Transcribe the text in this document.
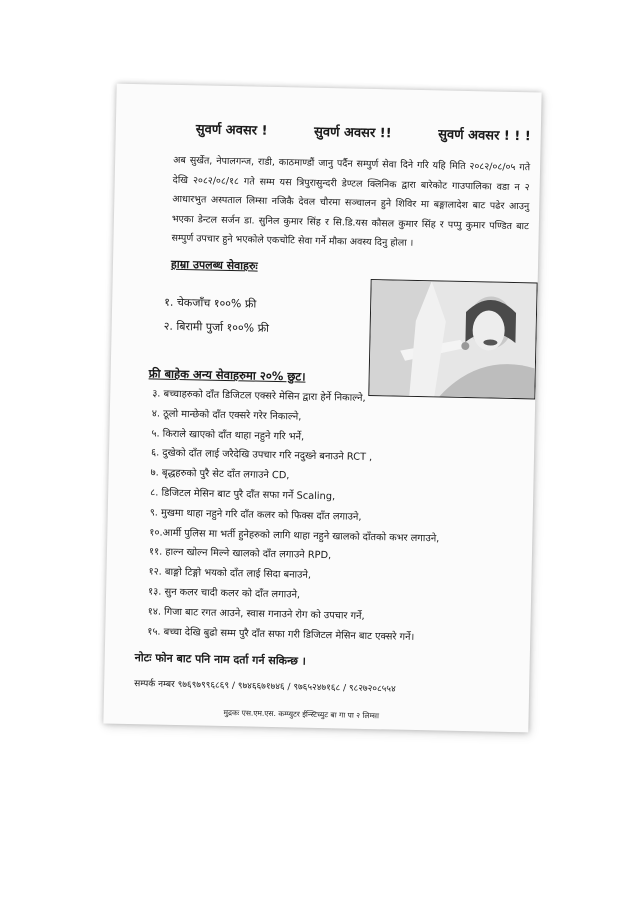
सुवर्ण अवसर !	सुवर्ण अवसर !!	सुवर्ण अवसर ! ! !
अब सुर्खेत, नेपालगन्ज, राडी, काठमाण्डौं जानु पर्दैन सम्पुर्ण सेवा दिने गरि यहि मिति २०८२/०८/०५ गते देखि २०८२/०८/१८ गते सम्म यस त्रिपुरासुन्दरी डेण्टल क्लिनिक द्वारा बारेकोट गाउपालिका वडा न २ आधारभुत अस्पताल लिम्सा नजिकै देवल चौरमा सञ्चालन हुने शिविर मा बङ्गालादेश बाट पढेर आउनु भएका डेन्टल सर्जन डा. सुनिल कुमार सिंह र सि.डि.यस कौसल कुमार सिंह र पप्पु कुमार पण्डित बाट सम्पुर्ण उपचार हुने भएकोले एकचोटि सेवा गर्ने मौका अवस्य दिनु होला ।
हाम्रा उपलब्ध सेवाहरुः
१. चेकजाँच १००% फ्री
२. बिरामी पुर्जा १००% फ्री
फ्री बाहेक अन्य सेवाहरुमा २०% छुट।
३. बच्चाहरुको दाँत डिजिटल एक्सरे मेसिन द्वारा हेर्ने निकाल्ने,
४. ठूलो मान्छेको दाँत एक्सरे गरेर निकाल्ने,
५. किराले खाएको दाँत थाहा नहुने गरि भर्ने,
६. दुखेको दाँत लाई जरैदेखि उपचार गरि नदुख्ने बनाउने RCT ,
७. बृद्धहरुको पुरै सेट दाँत लगाउने CD,
८. डिजिटल मेसिन बाट पुरै दाँत सफा गर्ने Scaling,
९. मुखमा थाहा नहुने गरि दाँत कलर को फिक्स दाँत लगाउने,
१०.आर्मी पुलिस मा भर्ती हुनेहरुको लागि थाहा नहुने खालको दाँतको कभर लगाउने,
११. हाल्न खोल्न मिल्ने खालको दाँत लगाउने RPD,
१२. बाङ्गो टिङ्गो भयको दाँत लाई सिदा बनाउने,
१३. सुन कलर चादी कलर को दाँत लगाउने,
१४. गिजा बाट रगत आउने, स्वास गनाउने रोग को उपचार गर्ने,
१५. बच्चा देखि बुढो सम्म पुरै दाँत सफा गरी डिजिटल मेसिन बाट एक्सरे गर्ने।
नोटः फोन बाट पनि नाम दर्ता गर्न सकिन्छ ।
सम्पर्क नम्बर ९७६९७९९६८६९ / ९७४६६७१७४६ / ९७६५२४७१६८ / ९८२७२०८५५४
मुद्रकः एस.एम.एस. कम्प्युटर ईन्स्टिच्युट बा गा पा २ लिम्सा
